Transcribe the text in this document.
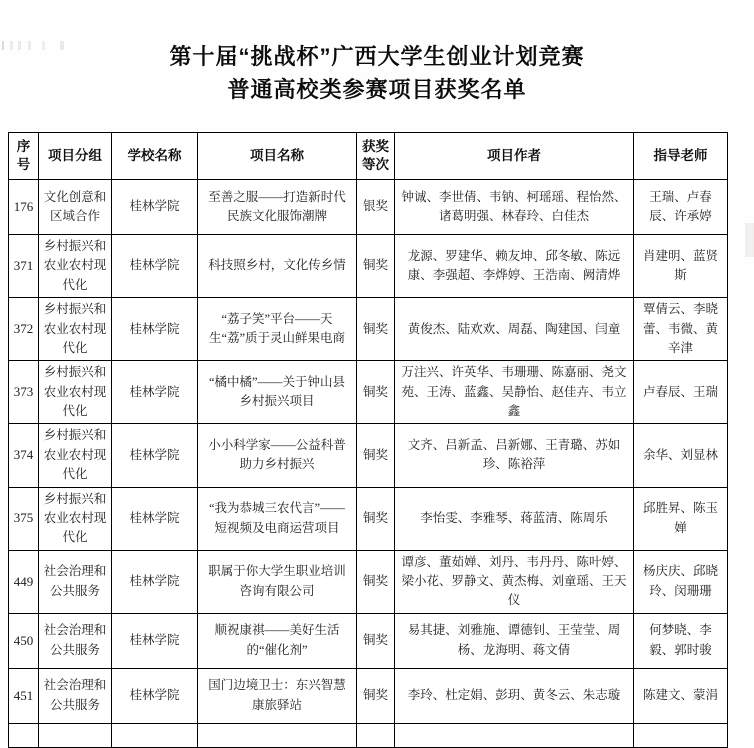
第十届“挑战杯”广西大学生创业计划竞赛
普通高校类参赛项目获奖名单
序号	项目分组	学校名称	项目名称	获奖等次	项目作者	指导老师
176	文化创意和区域合作	桂林学院	至善之服——打造新时代民族文化服饰潮牌	银奖	钟诚、李世倩、韦钠、柯瑶瑶、程怡然、诸葛明强、林春玲、白佳杰	王瑞、卢春辰、许承婷
371	乡村振兴和农业农村现代化	桂林学院	科技照乡村，文化传乡情	铜奖	龙源、罗建华、赖友坤、邱冬敏、陈远康、李强超、李烨婷、王浩南、阙清烨	肖建明、蓝贤斯
372	乡村振兴和农业农村现代化	桂林学院	“荔子笑”平台——天生“荔”质于灵山鲜果电商	铜奖	黄俊杰、陆欢欢、周磊、陶建国、闫童	覃倩云、李晓蕾、韦微、黄辛津
373	乡村振兴和农业农村现代化	桂林学院	“橘中橘”——关于钟山县乡村振兴项目	铜奖	万注兴、许英华、韦珊珊、陈嘉丽、尧文苑、王涛、蓝鑫、吴静怡、赵佳卉、韦立鑫	卢春辰、王瑞
374	乡村振兴和农业农村现代化	桂林学院	小小科学家——公益科普助力乡村振兴	铜奖	文齐、吕新孟、吕新娜、王青璐、苏如珍、陈裕萍	余华、刘显林
375	乡村振兴和农业农村现代化	桂林学院	“我为恭城三农代言”——短视频及电商运营项目	铜奖	李怡雯、李雅琴、蒋蓝清、陈周乐	邱胜昇、陈玉婵
449	社会治理和公共服务	桂林学院	职属于你大学生职业培训咨询有限公司	铜奖	谭彦、董茹婵、刘丹、韦丹丹、陈叶婷、梁小花、罗静文、黄杰梅、刘童瑶、王天仪	杨庆庆、邱晓玲、闵珊珊
450	社会治理和公共服务	桂林学院	顺祝康祺——美好生活的“催化剂”	铜奖	易其捷、刘雅施、谭德钊、王莹莹、周杨、龙海明、蒋文倩	何梦晓、李毅、郭时骏
451	社会治理和公共服务	桂林学院	国门边境卫士：东兴智慧康旅驿站	铜奖	李玲、杜定娟、彭玥、黄冬云、朱志璇	陈建文、蒙涓
